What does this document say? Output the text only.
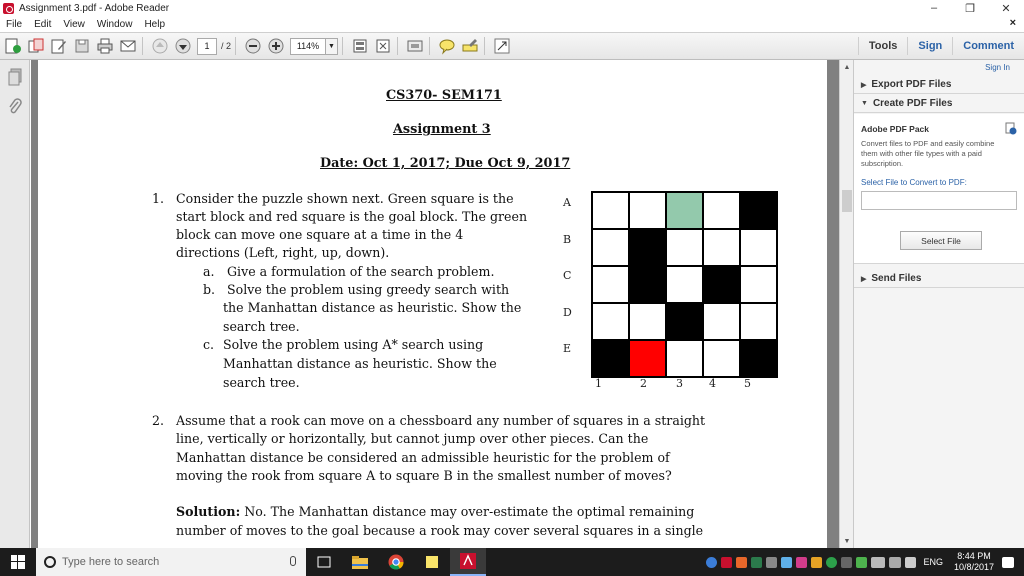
Assignment 3.pdf - Adobe Reader	–	❐	✕
File Edit View Window Help	×
1	/ 2	114%	▼	Tools	Sign	Comment
CS370- SEM171
Assignment 3
Date: Oct 1, 2017; Due Oct 9, 2017
1. Consider the puzzle shown next. Green square is the
start block and red square is the goal block. The green
block can move one square at a time in the 4
directions (Left, right, up, down).
a. Give a formulation of the search problem.
b. Solve the problem using greedy search with
the Manhattan distance as heuristic. Show the
search tree.
c. Solve the problem using A* search using
Manhattan distance as heuristic. Show the
search tree.
A
B
C
D
E
1	2	3 4	5
2. Assume that a rook can move on a chessboard any number of squares in a straight
line, vertically or horizontally, but cannot jump over other pieces. Can the
Manhattan distance be considered an admissible heuristic for the problem of
moving the rook from square A to square B in the smallest number of moves?
Solution: No. The Manhattan distance may over-estimate the optimal remaining
number of moves to the goal because a rook may cover several squares in a single
▲
▼
Sign In
▶ Export PDF Files
▼ Create PDF Files
Adobe PDF Pack
Convert files to PDF and easily combine them with other file types with a paid subscription.
Select File to Convert to PDF:
Select File
▶ Send Files
Type here to search	ENG
8:44 PM
10/8/2017
